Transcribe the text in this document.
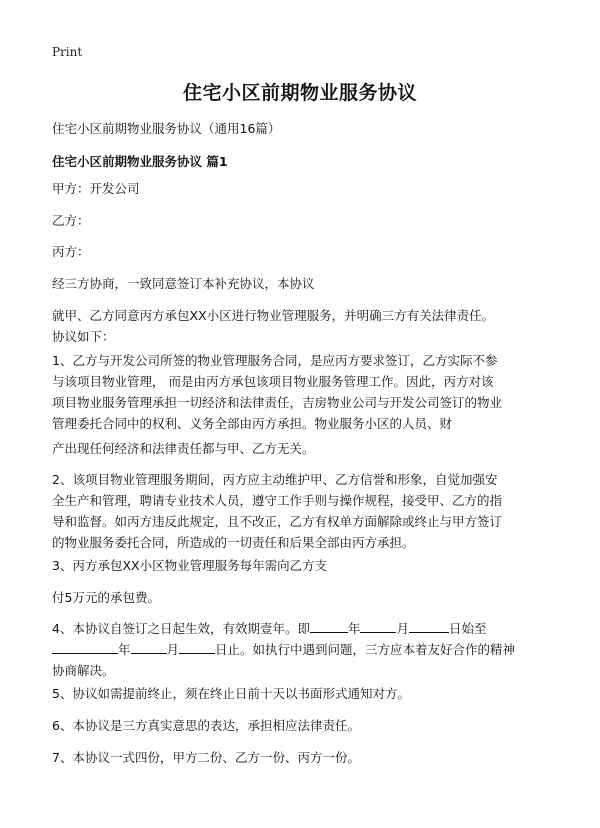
Print
住宅小区前期物业服务协议

住宅小区前期物业服务协议（通用16篇）

住宅小区前期物业服务协议 篇1

甲方：开发公司

乙方：

丙方：

经三方协商，一致同意签订本补充协议，本协议

就甲、乙方同意丙方承包XX小区进行物业管理服务，并明确三方有关法律责任。
协议如下：

1、乙方与开发公司所签的物业管理服务合同，是应丙方要求签订，乙方实际不参
与该项目物业管理， 而是由丙方承包该项目物业服务管理工作。因此，丙方对该
项目物业服务管理承担一切经济和法律责任，吉房物业公司与开发公司签订的物业
管理委托合同中的权利、义务全部由丙方承担。物业服务小区的人员、财

产出现任何经济和法律责任都与甲、乙方无关。

2、该项目物业管理服务期间，丙方应主动维护甲、乙方信誉和形象，自觉加强安
全生产和管理，聘请专业技术人员，遵守工作手则与操作规程，接受甲、乙方的指
导和监督。如丙方违反此规定，且不改正，乙方有权单方面解除或终止与甲方签订
的物业服务委托合同，所造成的一切责任和后果全部由丙方承担。

3、丙方承包XX小区物业管理服务每年需向乙方支

付5万元的承包费。

4、本协议自签订之日起生效，有效期壹年。即	年	月	日始至
年	月	日止。如执行中遇到问题，三方应本着友好合作的精神
协商解决。

5、协议如需提前终止，须在终止日前十天以书面形式通知对方。

6、本协议是三方真实意思的表达，承担相应法律责任。

7、本协议一式四份，甲方二份、乙方一份、丙方一份。
